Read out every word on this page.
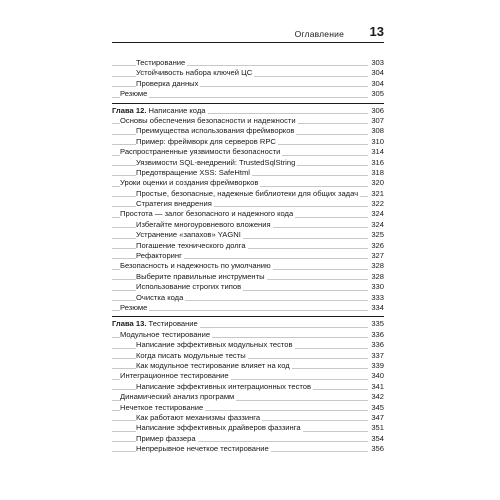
Оглавление 13
Тестирование	303
Устойчивость набора ключей ЦС	304
Проверка данных	304
Резюме	305
Глава 12. Написание кода	306
Основы обеспечения безопасности и надежности	307
Преимущества использования фреймворков	308
Пример: фреймворк для серверов RPC	310
Распространенные уязвимости безопасности	314
Уязвимости SQL-внедрений: TrustedSqlString	316
Предотвращение XSS: SafeHtml	318
Уроки оценки и создания фреймворков	320
Простые, безопасные, надежные библиотеки для общих задач	321
Стратегия внедрения	322
Простота — залог безопасного и надежного кода	324
Избегайте многоуровневого вложения	324
Устранение «запахов» YAGNI	325
Погашение технического долга	326
Рефакторинг	327
Безопасность и надежность по умолчанию	328
Выберите правильные инструменты	328
Использование строгих типов	330
Очистка кода	333
Резюме	334
Глава 13. Тестирование	335
Модульное тестирование	336
Написание эффективных модульных тестов	336
Когда писать модульные тесты	337
Как модульное тестирование влияет на код	339
Интеграционное тестирование	340
Написание эффективных интеграционных тестов	341
Динамический анализ программ	342
Нечеткое тестирование	345
Как работают механизмы фаззинга	347
Написание эффективных драйверов фаззинга	351
Пример фаззера	354
Непрерывное нечеткое тестирование	356
